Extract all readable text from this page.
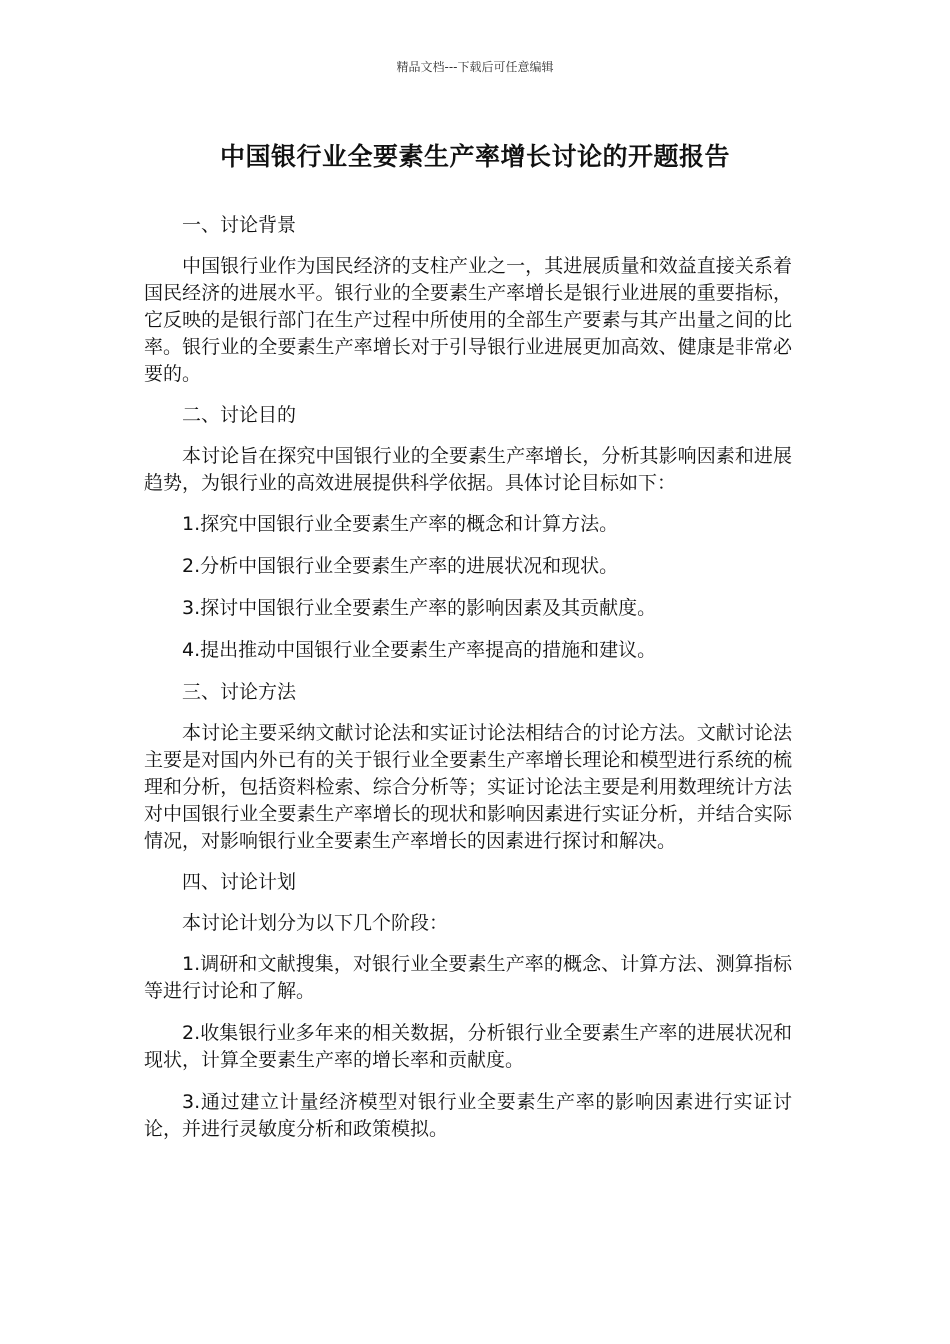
精品文档---下载后可任意编辑
中国银行业全要素生产率增长讨论的开题报告

一、讨论背景

中国银行业作为国民经济的支柱产业之一，其进展质量和效益直接关系着国民经济的进展水平。银行业的全要素生产率增长是银行业进展的重要指标，它反映的是银行部门在生产过程中所使用的全部生产要素与其产出量之间的比率。银行业的全要素生产率增长对于引导银行业进展更加高效、健康是非常必要的。

二、讨论目的

本讨论旨在探究中国银行业的全要素生产率增长，分析其影响因素和进展趋势，为银行业的高效进展提供科学依据。具体讨论目标如下：

1.探究中国银行业全要素生产率的概念和计算方法。

2.分析中国银行业全要素生产率的进展状况和现状。

3.探讨中国银行业全要素生产率的影响因素及其贡献度。

4.提出推动中国银行业全要素生产率提高的措施和建议。

三、讨论方法

本讨论主要采纳文献讨论法和实证讨论法相结合的讨论方法。文献讨论法主要是对国内外已有的关于银行业全要素生产率增长理论和模型进行系统的梳理和分析，包括资料检索、综合分析等；实证讨论法主要是利用数理统计方法对中国银行业全要素生产率增长的现状和影响因素进行实证分析，并结合实际情况，对影响银行业全要素生产率增长的因素进行探讨和解决。

四、讨论计划

本讨论计划分为以下几个阶段：

1.调研和文献搜集，对银行业全要素生产率的概念、计算方法、测算指标等进行讨论和了解。

2.收集银行业多年来的相关数据，分析银行业全要素生产率的进展状况和现状，计算全要素生产率的增长率和贡献度。

3.通过建立计量经济模型对银行业全要素生产率的影响因素进行实证讨论，并进行灵敏度分析和政策模拟。
